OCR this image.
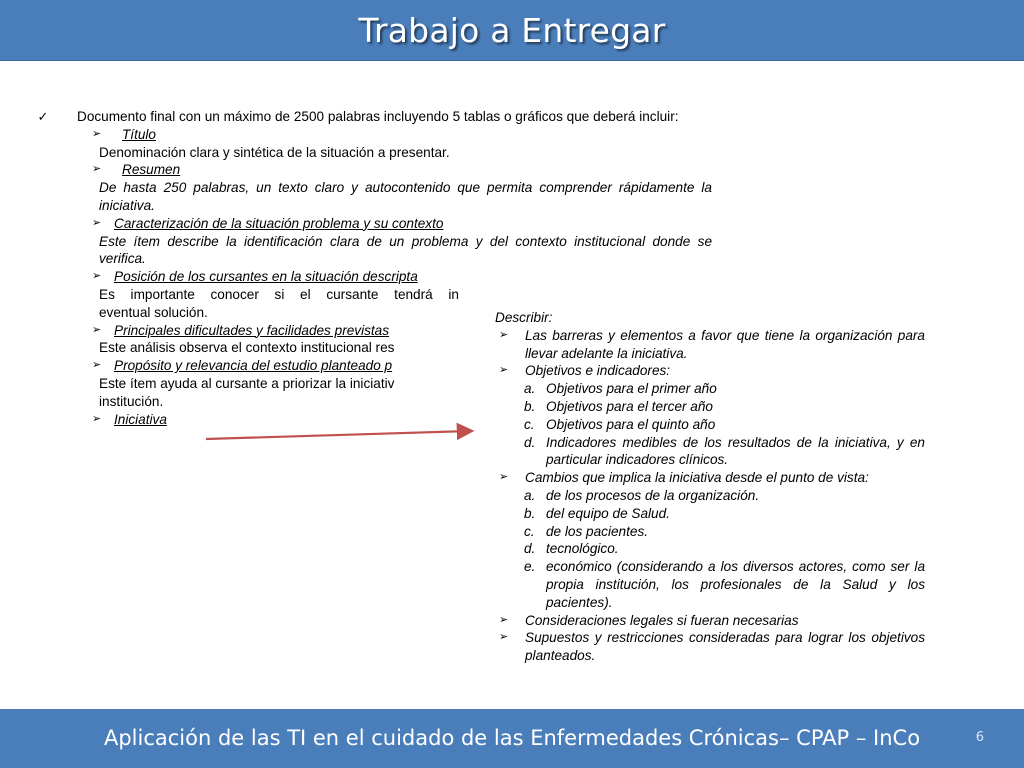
Trabajo a Entregar
✓	Documento final con un máximo de 2500 palabras incluyendo 5 tablas o gráficos que deberá incluir:

➢ Título

Denominación clara y sintética de la situación a presentar.

➢ Resumen

De hasta 250 palabras, un texto claro y autocontenido que permita comprender rápidamente la iniciativa.

➢ Caracterización de la situación problema y su contexto

Este ítem describe la identificación clara de un problema y del contexto institucional donde se verifica.

➢ Posición de los cursantes en la situación descripta

Es importante conocer si el cursante tendrá in

eventual solución.

➢ Principales dificultades y facilidades previstas

Este análisis observa el contexto institucional res

➢ Propósito y relevancia del estudio planteado p

Este ítem ayuda al cursante a priorizar la iniciativ

institución.

➢ Iniciativa

Describir:

➢ Las barreras y elementos a favor que tiene la organización para llevar adelante la iniciativa.
➢ Objetivos e indicadores:
a. Objetivos para el primer año
b. Objetivos para el tercer año
c. Objetivos para el quinto año
d. Indicadores medibles de los resultados de la iniciativa, y en particular indicadores clínicos.
➢ Cambios que implica la iniciativa desde el punto de vista:
a. de los procesos de la organización.
b. del equipo de Salud.
c. de los pacientes.
d. tecnológico.
e. económico (considerando a los diversos actores, como ser la propia institución, los profesionales de la Salud y los pacientes).
➢ Consideraciones legales si fueran necesarias
➢ Supuestos y restricciones consideradas para lograr los objetivos planteados.
Aplicación de las TI en el cuidado de las Enfermedades Crónicas– CPAP – InCo	6
